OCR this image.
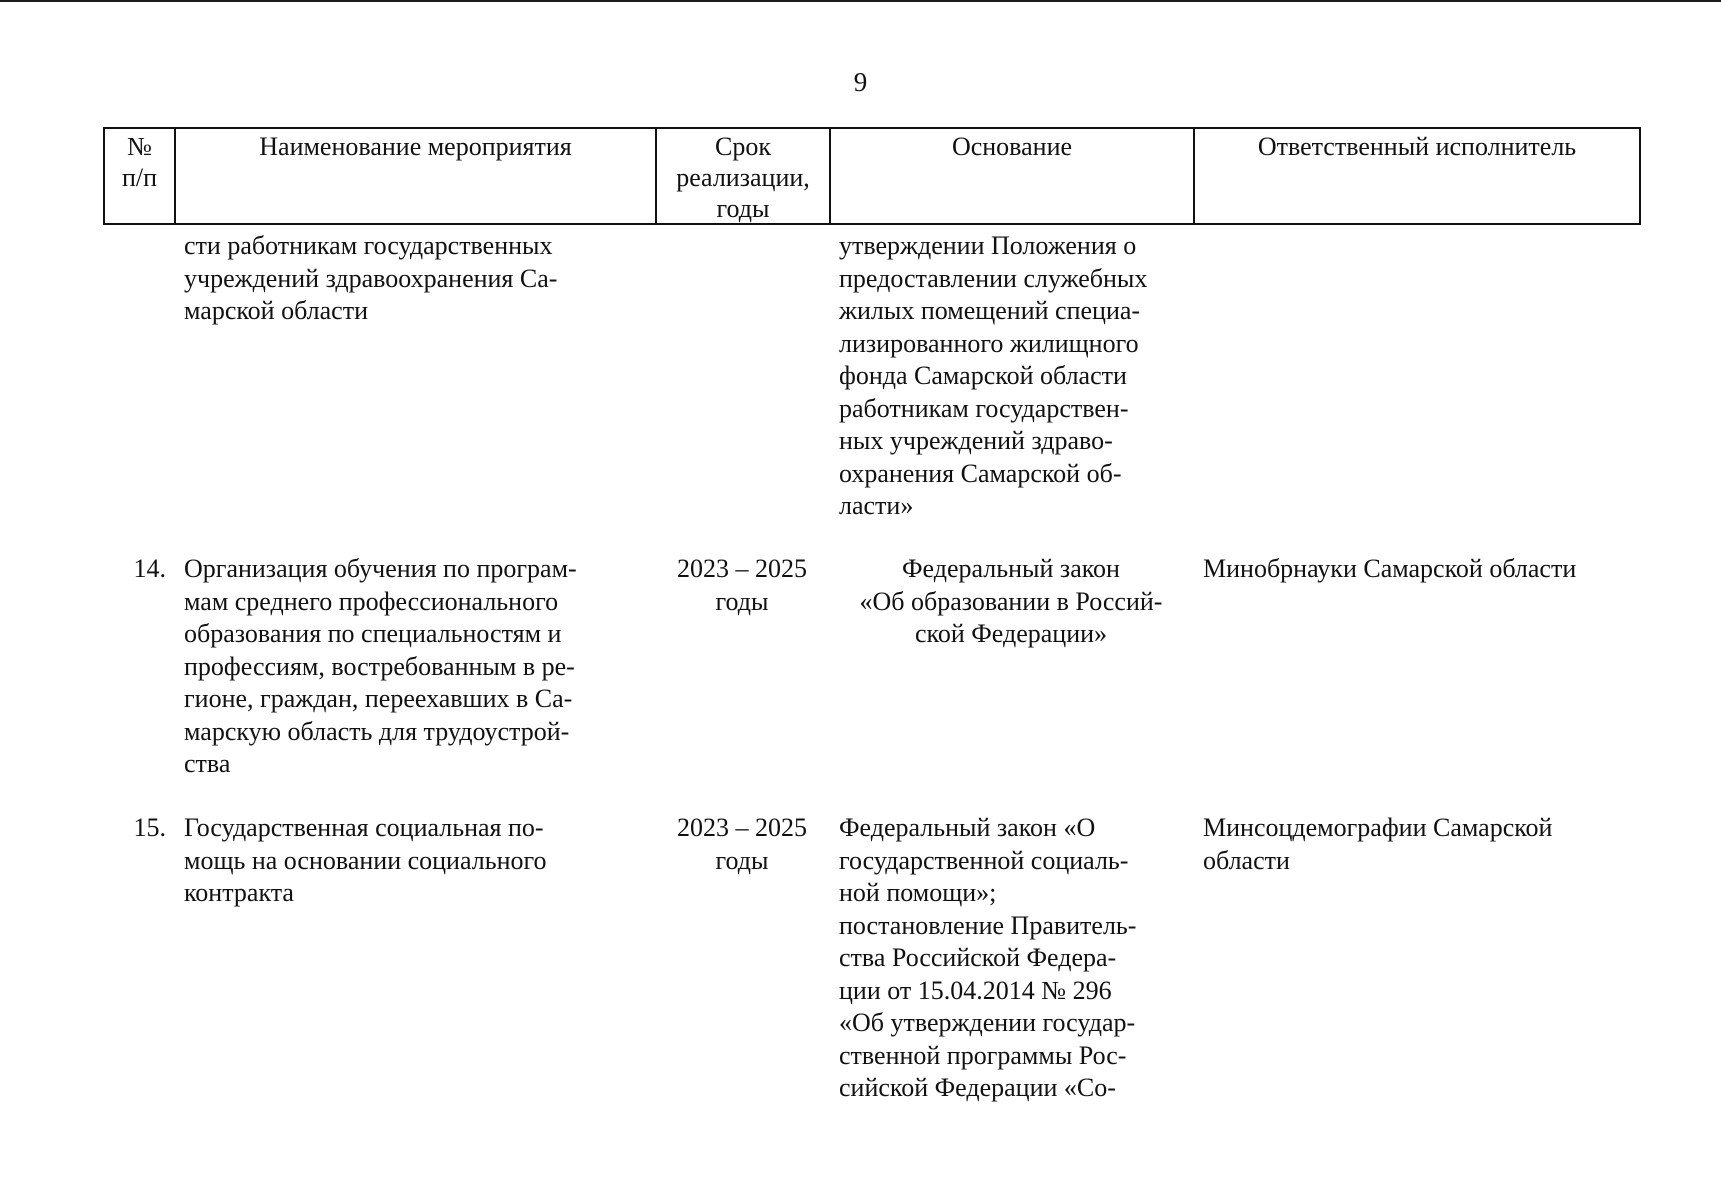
9
№
п/п
Наименование мероприятия	Срок
реализации,
годы
Основание	Ответственный исполнитель
сти работникам государственных
учреждений здравоохранения Са-
марской области
утверждении Положения о
предоставлении служебных
жилых помещений специа-
лизированного жилищного
фонда Самарской области
работникам государствен-
ных учреждений здраво-
охранения Самарской об-
ласти»
14. Организация обучения по програм-
мам среднего профессионального
образования по специальностям и
профессиям, востребованным в ре-
гионе, граждан, переехавших в Са-
марскую область для трудоустрой-
ства
2023 – 2025
годы
Федеральный закон
«Об образовании в Россий-
ской Федерации»
Минобрнауки Самарской области
15. Государственная социальная по-
мощь на основании социального
контракта
2023 – 2025
годы
Федеральный закон «О
государственной социаль-
ной помощи»;
постановление Правитель-
ства Российской Федера-
ции от 15.04.2014 № 296
«Об утверждении государ-
ственной программы Рос-
сийской Федерации «Со-
Минсоцдемографии Самарской
области
